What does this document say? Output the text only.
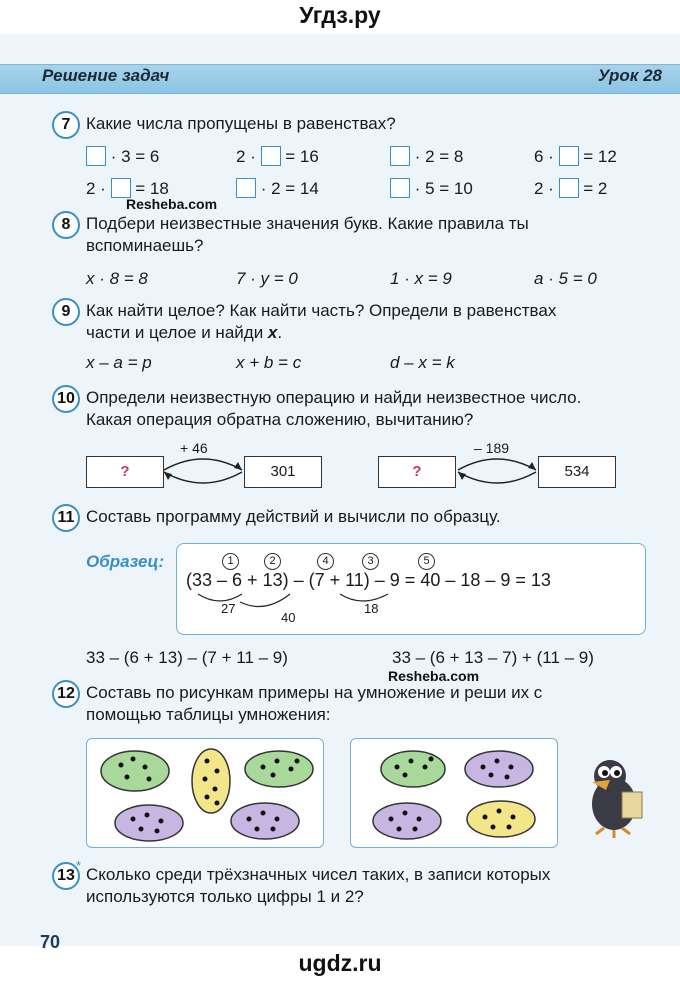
Угдз.ру
Решение задач	Урок 28
7 Какие числа пропущены в равенствах?
· 3 = 6	2 ·  = 16	· 2 = 8	6 ·  = 12
2 ·  = 18	· 2 = 14	· 5 = 10	2 ·  = 2
Resheba.com
8 Подбери неизвестные значения букв. Какие правила ты
вспоминаешь?
x · 8 = 8	7 · y = 0	1 · x = 9	a · 5 = 0
9 Как найти целое? Как найти часть? Определи в равенствах
части и целое и найди x.
x – a = p	x + b = c	d – x = k
10 Определи неизвестную операцию и найди неизвестное число.
Какая операция обратна сложению, вычитанию?
?	301
+ 46
?	534
– 189
11 Составь программу действий и вычисли по образцу.
Образец:	1	2	4	3	5
(33 – 6 + 13) – (7 + 11) – 9 = 40 – 18 – 9 = 13
27
40
18
33 – (6 + 13) – (7 + 11 – 9)	33 – (6 + 13 – 7) + (11 – 9)
Resheba.com
12 Составь по рисункам примеры на умножение и реши их с
помощью таблицы умножения:
13
* Сколько среди трёхзначных чисел таких, в записи которых
используются только цифры 1 и 2?
70
ugdz.ru
